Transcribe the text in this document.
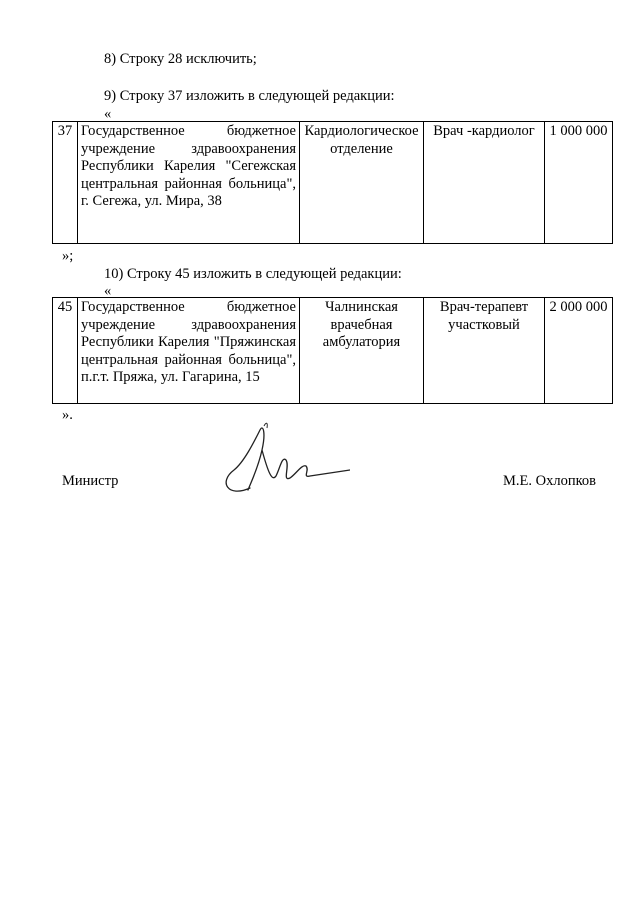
8) Строку 28 исключить;

9) Строку 37 изложить в следующей редакции:

«

37	Государственное бюджетное учреждение здравоохранения Республики Карелия "Сегежская центральная районная больница", г. Сегежа, ул. Мира, 38	Кардиологическое отделение	Врач -кардиолог	1 000 000

»;

10) Строку 45 изложить в следующей редакции:

«

45	Государственное бюджетное учреждение здравоохранения Республики Карелия "Пряжинская центральная районная больница", п.г.т. Пряжа, ул. Гагарина, 15	Чалнинская врачебная амбулатория	Врач-терапевт участковый	2 000 000

».

Министр	М.Е. Охлопков
